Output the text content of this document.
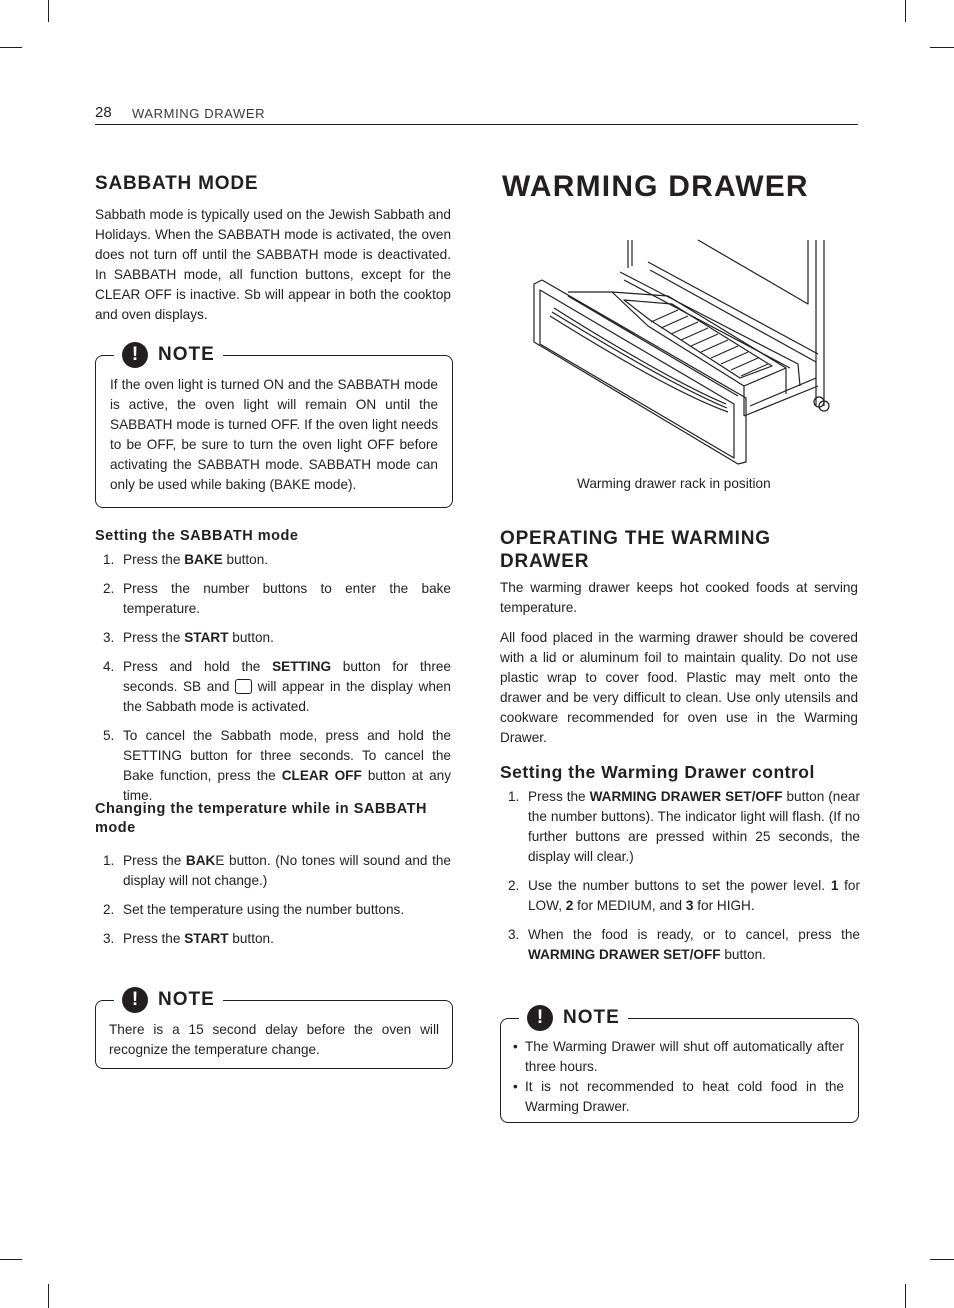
28 WARMING DRAWER
SABBATH MODE

Sabbath mode is typically used on the Jewish Sabbath and Holidays. When the SABBATH mode is activated, the oven does not turn off until the SABBATH mode is deactivated. In SABBATH mode, all function buttons, except for the CLEAR OFF is inactive. Sb will appear in both the cooktop and oven displays.

!	NOTE
If the oven light is turned ON and the SABBATH mode is active, the oven light will remain ON until the SABBATH mode is turned OFF. If the oven light needs to be OFF, be sure to turn the oven light OFF before activating the SABBATH mode. SABBATH mode can only be used while baking (BAKE mode).
Setting the SABBATH mode
1. Press the BAKE button.
2. Press the number buttons to enter the bake temperature.
3. Press the START button.
4. Press and hold the SETTING button for three seconds. SB and  will appear in the display when the Sabbath mode is activated.
5. To cancel the Sabbath mode, press and hold the SETTING button for three seconds. To cancel the Bake function, press the CLEAR OFF button at any time.
Changing the temperature while in SABBATH mode
1. Press the BAKE button. (No tones will sound and the display will not change.)
2. Set the temperature using the number buttons.
3. Press the START button.
!	NOTE
There is a 15 second delay before the oven will recognize the temperature change.
WARMING DRAWER
Warming drawer rack in position
OPERATING THE WARMING DRAWER

The warming drawer keeps hot cooked foods at serving temperature.

All food placed in the warming drawer should be covered with a lid or aluminum foil to maintain quality. Do not use plastic wrap to cover food. Plastic may melt onto the drawer and be very difficult to clean. Use only utensils and cookware recommended for oven use in the Warming Drawer.

Setting the Warming Drawer control
1. Press the WARMING DRAWER SET/OFF button (near the number buttons). The indicator light will flash. (If no further buttons are pressed within 25 seconds, the display will clear.)
2. Use the number buttons to set the power level. 1 for LOW, 2 for MEDIUM, and 3 for HIGH.
3. When the food is ready, or to cancel, press the WARMING DRAWER SET/OFF button.
!	NOTE
• The Warming Drawer will shut off automatically after three hours.
• It is not recommended to heat cold food in the Warming Drawer.
